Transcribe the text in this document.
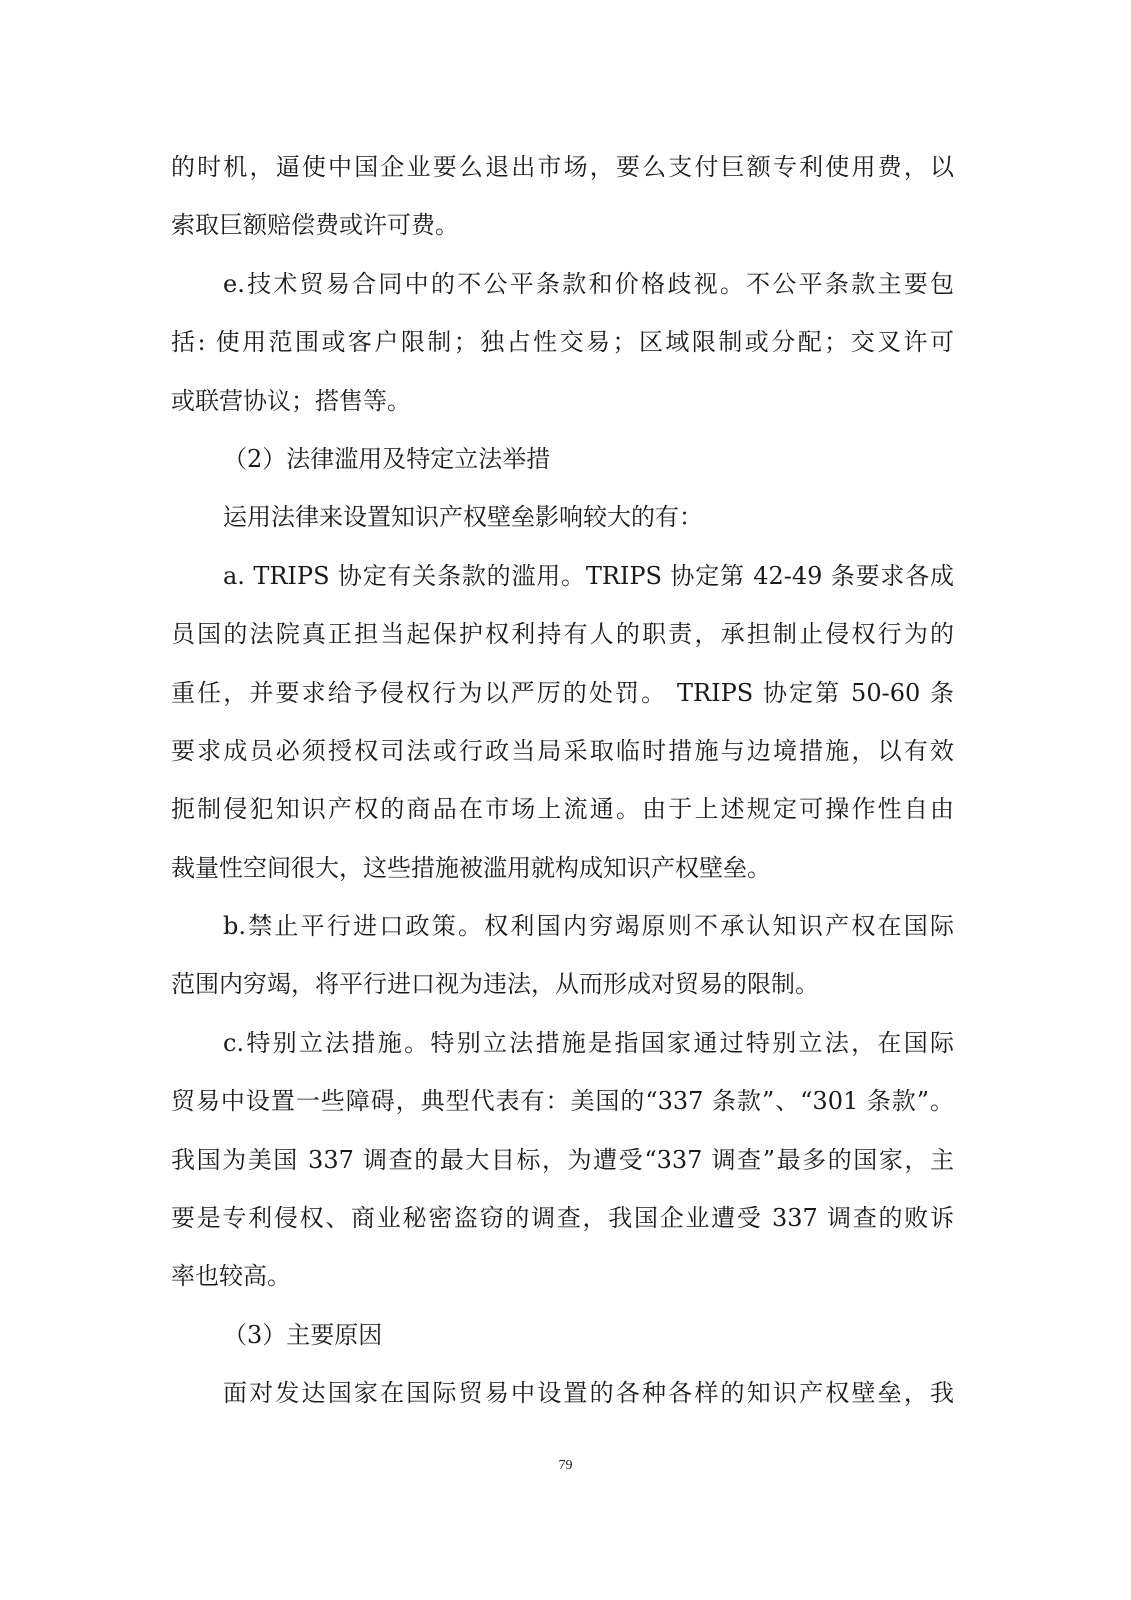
的时机，逼使中国企业要么退出市场，要么支付巨额专利使用费，以
索取巨额赔偿费或许可费。
e.技术贸易合同中的不公平条款和价格歧视。不公平条款主要包
括: 使用范围或客户限制；独占性交易；区域限制或分配；交叉许可
或联营协议；搭售等。
（2）法律滥用及特定立法举措
运用法律来设置知识产权壁垒影响较大的有：
a. TRIPS 协定有关条款的滥用。TRIPS 协定第 42-49 条要求各成
员国的法院真正担当起保护权利持有人的职责，承担制止侵权行为的
重任，并要求给予侵权行为以严厉的处罚。 TRIPS 协定第 50-60 条
要求成员必须授权司法或行政当局采取临时措施与边境措施，以有效
扼制侵犯知识产权的商品在市场上流通。由于上述规定可操作性自由
裁量性空间很大，这些措施被滥用就构成知识产权壁垒。
b.禁止平行进口政策。权利国内穷竭原则不承认知识产权在国际
范围内穷竭，将平行进口视为违法，从而形成对贸易的限制。
c.特别立法措施。特别立法措施是指国家通过特别立法，在国际
贸易中设置一些障碍，典型代表有：美国的“337 条款”、“301 条款”。
我国为美国 337 调查的最大目标，为遭受“337 调查”最多的国家，主
要是专利侵权、商业秘密盗窃的调查，我国企业遭受 337 调查的败诉
率也较高。
（3）主要原因
面对发达国家在国际贸易中设置的各种各样的知识产权壁垒，我
79
